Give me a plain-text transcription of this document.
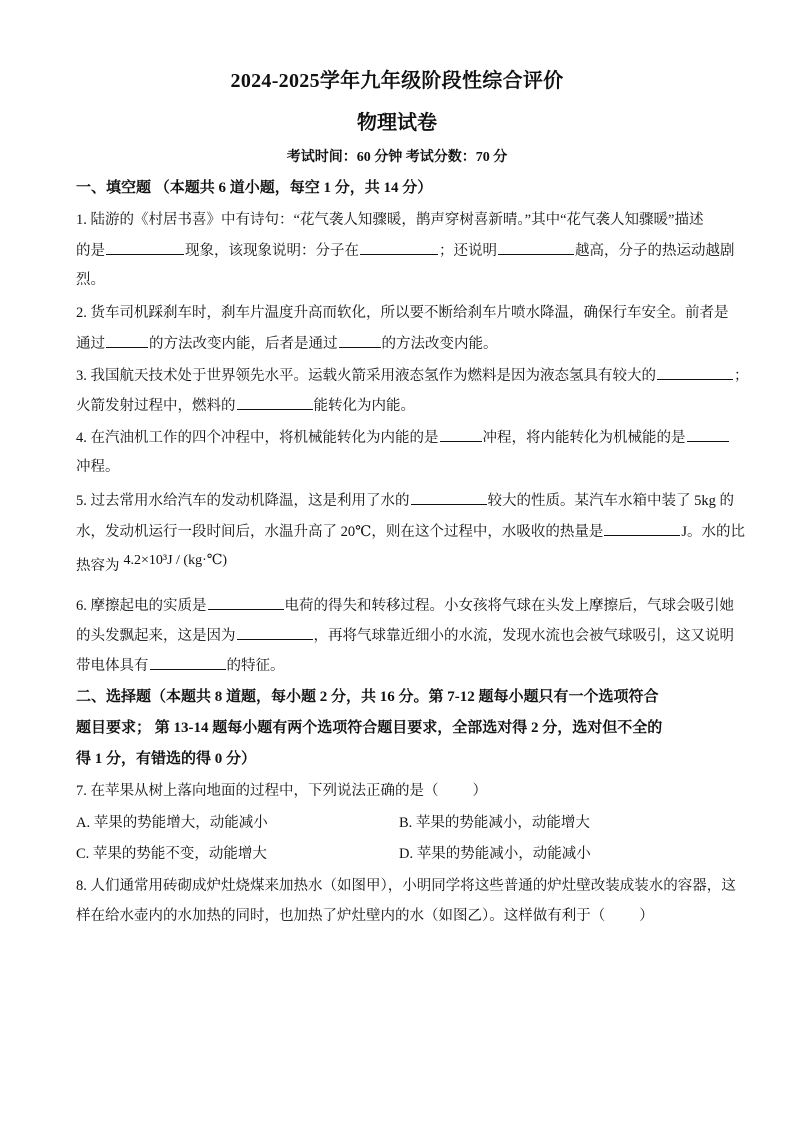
2024-2025学年九年级阶段性综合评价
物理试卷
考试时间：60 分钟 考试分数：70 分
一、填空题 （本题共 6 道小题，每空 1 分，共 14 分）
1. 陆游的《村居书喜》中有诗句：“花气袭人知骤暖，鹊声穿树喜新晴。”其中“花气袭人知骤暖”描述
的是	现象，该现象说明：分子在	；还说明	越高，分子的热运动越剧
烈。
2. 货车司机踩刹车时，刹车片温度升高而软化，所以要不断给刹车片喷水降温，确保行车安全。前者是
通过	的方法改变内能，后者是通过	的方法改变内能。
3. 我国航天技术处于世界领先水平。运载火箭采用液态氢作为燃料是因为液态氢具有较大的	；
火箭发射过程中，燃料的	能转化为内能。
4. 在汽油机工作的四个冲程中，将机械能转化为内能的是	冲程，将内能转化为机械能的是
冲程。
5. 过去常用水给汽车的发动机降温，这是利用了水的	较大的性质。某汽车水箱中装了 5kg 的
水，发动机运行一段时间后，水温升高了 20℃，则在这个过程中，水吸收的热量是	J。水的比
热容为 4.2×10³J / (kg·℃)
6. 摩擦起电的实质是	电荷的得失和转移过程。小女孩将气球在头发上摩擦后，气球会吸引她
的头发飘起来，这是因为	，再将气球靠近细小的水流，发现水流也会被气球吸引，这又说明
带电体具有	的特征。
二、选择题（本题共 8 道题，每小题 2 分，共 16 分。第 7-12 题每小题只有一个选项符合
题目要求； 第 13-14 题每小题有两个选项符合题目要求，全部选对得 2 分，选对但不全的
得 1 分，有错选的得 0 分）
7. 在苹果从树上落向地面的过程中，下列说法正确的是（ ）
A. 苹果的势能增大，动能减小	B. 苹果的势能减小，动能增大
C. 苹果的势能不变，动能增大	D. 苹果的势能减小，动能减小
8. 人们通常用砖砌成炉灶烧煤来加热水（如图甲），小明同学将这些普通的炉灶壁改装成装水的容器，这
样在给水壶内的水加热的同时，也加热了炉灶壁内的水（如图乙）。这样做有利于（ ）
